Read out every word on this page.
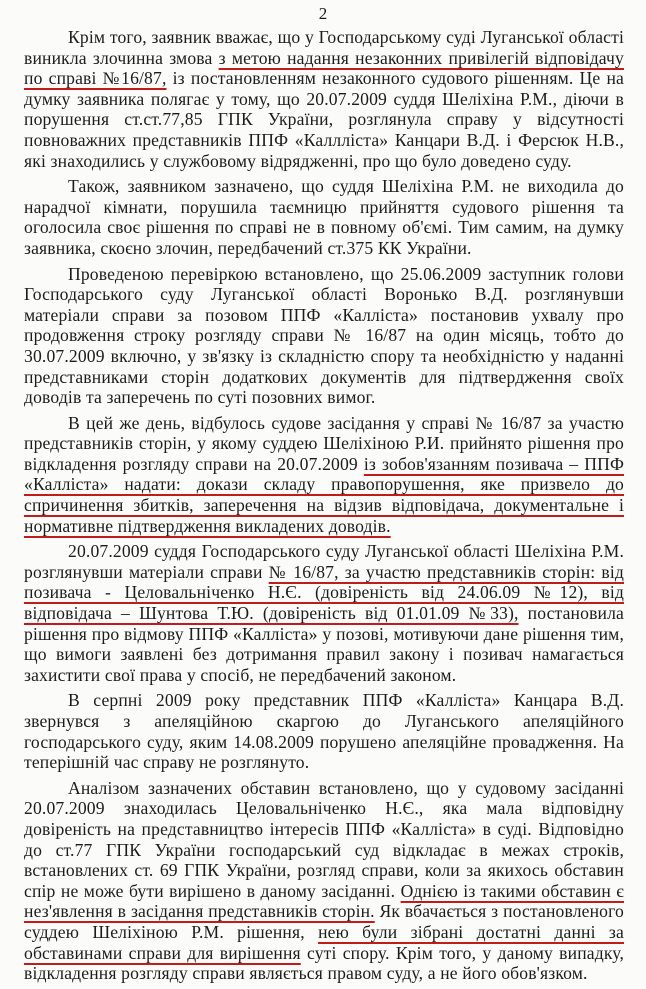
2

Крім того, заявник вважає, що у Господарському суді Луганської області виникла злочинна змова з метою надання незаконних привілегій відповідачу по справі №16/87, із постановленням незаконного судового рішенням. Це на думку заявника полягає у тому, що 20.07.2009 суддя Шеліхіна Р.М., діючи в порушення ст.ст.77,85 ГПК України, розглянула справу у відсутності повноважних представників ППФ «Каллліста» Канцари В.Д. і Ферсюк Н.В., які знаходились у службовому відрядженні, про що було доведено суду.

Також, заявником зазначено, що суддя Шеліхіна Р.М. не виходила до нарадчої кімнати, порушила таємницю прийняття судового рішення та оголосила своє рішення по справі не в повному об'ємі. Тим самим, на думку заявника, скоєно злочин, передбачений ст.375 КК України.

Проведеною перевіркою встановлено, що 25.06.2009 заступник голови Господарського суду Луганської області Воронько В.Д. розглянувши матеріали справи за позовом ППФ «Калліста» постановив ухвалу про продовження строку розгляду справи № 16/87 на один місяць, тобто до 30.07.2009 включно, у зв'язку із складністю спору та необхідністю у наданні представниками сторін додаткових документів для підтвердження своїх доводів та заперечень по суті позовних вимог.

В цей же день, відбулось судове засідання у справі № 16/87 за участю представників сторін, у якому суддею Шеліхіною Р.И. прийнято рішення про відкладення розгляду справи на 20.07.2009 із зобов'язанням позивача – ППФ «Калліста» надати: докази складу правопорушення, яке призвело до спричинення збитків, заперечення на відзив відповідача, документальне і нормативне підтвердження викладених доводів.

20.07.2009 суддя Господарського суду Луганської області Шеліхіна Р.М. розглянувши матеріали справи № 16/87, за участю представників сторін: від позивача - Целовальніченко Н.Є. (довіреність від 24.06.09 №12), від відповідача – Шунтова Т.Ю. (довіреність від 01.01.09 №33), постановила рішення про відмову ППФ «Калліста» у позові, мотивуючи дане рішення тим, що вимоги заявлені без дотримання правил закону і позивач намагається захистити свої права у спосіб, не передбачений законом.

В серпні 2009 року представник ППФ «Калліста» Канцара В.Д. звернувся з апеляційною скаргою до Луганського апеляційного господарського суду, яким 14.08.2009 порушено апеляційне провадження. На теперішній час справу не розглянуто.

Аналізом зазначених обставин встановлено, що у судовому засіданні 20.07.2009 знаходилась Целовальніченко Н.Є., яка мала відповідну довіреність на представництво інтересів ППФ «Калліста» в суді. Відповідно до ст.77 ГПК України господарський суд відкладає в межах строків, встановлених ст. 69 ГПК України, розгляд справи, коли за якихось обставин спір не може бути вирішено в даному засіданні. Однією із такими обставин є нез'явлення в засідання представників сторін. Як вбачається з постановленого суддею Шеліхіною Р.М. рішення, нею були зібрані достатні данні за обставинами справи для вирішення суті спору. Крім того, у даному випадку, відкладення розгляду справи являється правом суду, а не його обов'язком.
